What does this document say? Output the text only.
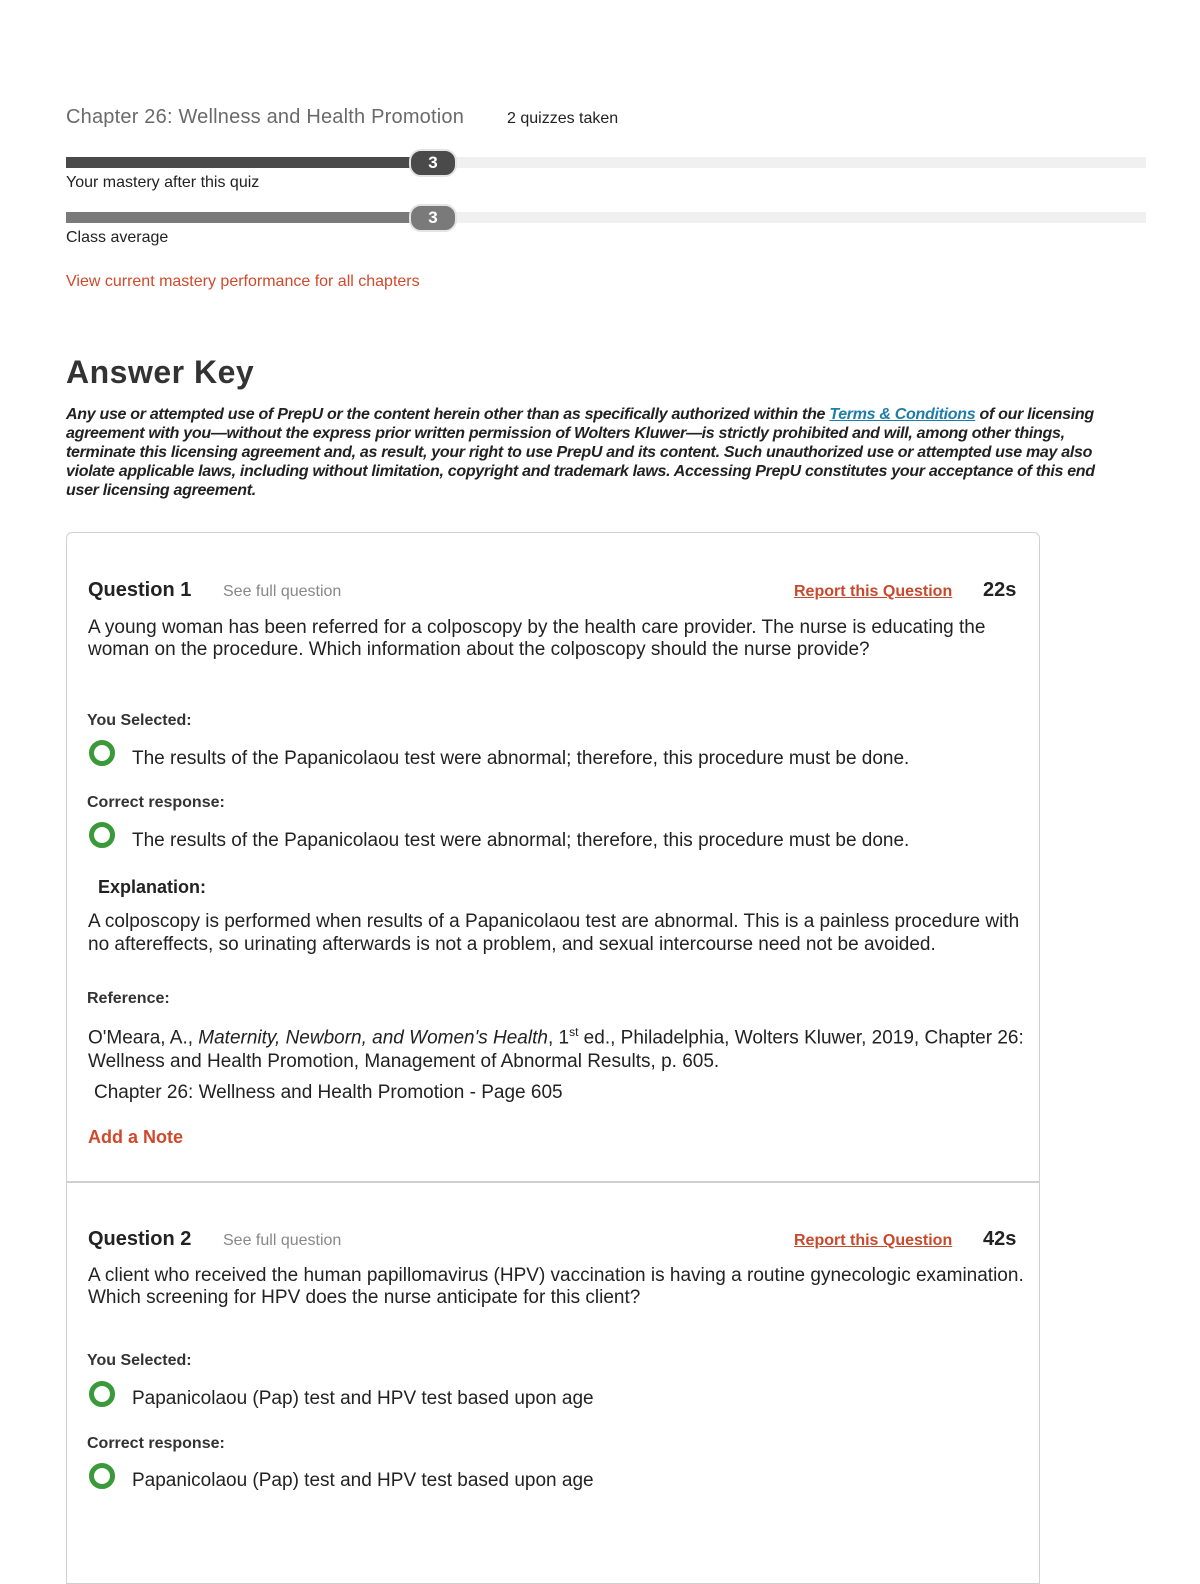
Chapter 26: Wellness and Health Promotion	2 quizzes taken
3
Your mastery after this quiz
3
Class average
View current mastery performance for all chapters
Answer Key

Any use or attempted use of PrepU or the content herein other than as specifically authorized within the Terms & Conditions of our licensing agreement with you—without the express prior written permission of Wolters Kluwer—is strictly prohibited and will, among other things, terminate this licensing agreement and, as result, your right to use PrepU and its content. Such unauthorized use or attempted use may also violate applicable laws, including without limitation, copyright and trademark laws. Accessing PrepU constitutes your acceptance of this end user licensing agreement.

Question 1 See full question	Report this Question 22s

A young woman has been referred for a colposcopy by the health care provider. The nurse is educating the woman on the procedure. Which information about the colposcopy should the nurse provide?

You Selected:
The results of the Papanicolaou test were abnormal; therefore, this procedure must be done.
Correct response:
The results of the Papanicolaou test were abnormal; therefore, this procedure must be done.
Explanation:

A colposcopy is performed when results of a Papanicolaou test are abnormal. This is a painless procedure with no aftereffects, so urinating afterwards is not a problem, and sexual intercourse need not be avoided.

Reference:

O'Meara, A., Maternity, Newborn, and Women's Health, 1st ed., Philadelphia, Wolters Kluwer, 2019, Chapter 26: Wellness and Health Promotion, Management of Abnormal Results, p. 605.

Chapter 26: Wellness and Health Promotion - Page 605
Add a Note
Question 2 See full question	Report this Question 42s

A client who received the human papillomavirus (HPV) vaccination is having a routine gynecologic examination. Which screening for HPV does the nurse anticipate for this client?

You Selected:
Papanicolaou (Pap) test and HPV test based upon age
Correct response:
Papanicolaou (Pap) test and HPV test based upon age
